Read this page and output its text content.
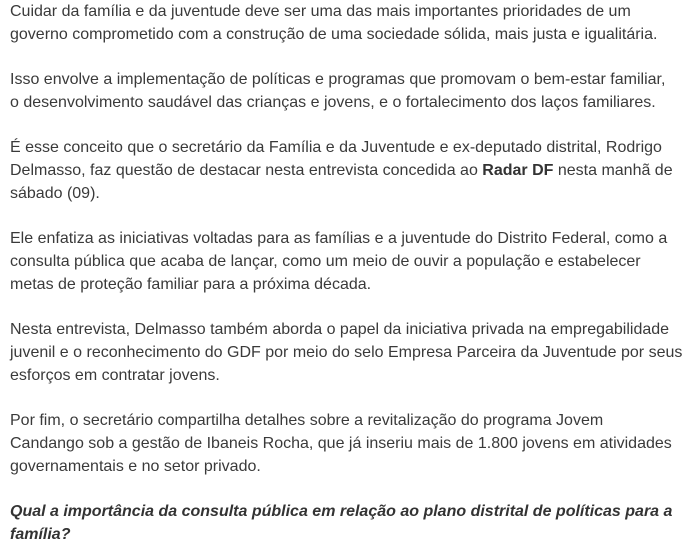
Cuidar da família e da juventude deve ser uma das mais importantes prioridades de um
governo comprometido com a construção de uma sociedade sólida, mais justa e igualitária.

Isso envolve a implementação de políticas e programas que promovam o bem-estar familiar,
o desenvolvimento saudável das crianças e jovens, e o fortalecimento dos laços familiares.

É esse conceito que o secretário da Família e da Juventude e ex-deputado distrital, Rodrigo
Delmasso, faz questão de destacar nesta entrevista concedida ao Radar DF nesta manhã de
sábado (09).

Ele enfatiza as iniciativas voltadas para as famílias e a juventude do Distrito Federal, como a
consulta pública que acaba de lançar, como um meio de ouvir a população e estabelecer
metas de proteção familiar para a próxima década.

Nesta entrevista, Delmasso também aborda o papel da iniciativa privada na empregabilidade
juvenil e o reconhecimento do GDF por meio do selo Empresa Parceira da Juventude por seus
esforços em contratar jovens.

Por fim, o secretário compartilha detalhes sobre a revitalização do programa Jovem
Candango sob a gestão de Ibaneis Rocha, que já inseriu mais de 1.800 jovens em atividades
governamentais e no setor privado.

Qual a importância da consulta pública em relação ao plano distrital de políticas para a
família?
